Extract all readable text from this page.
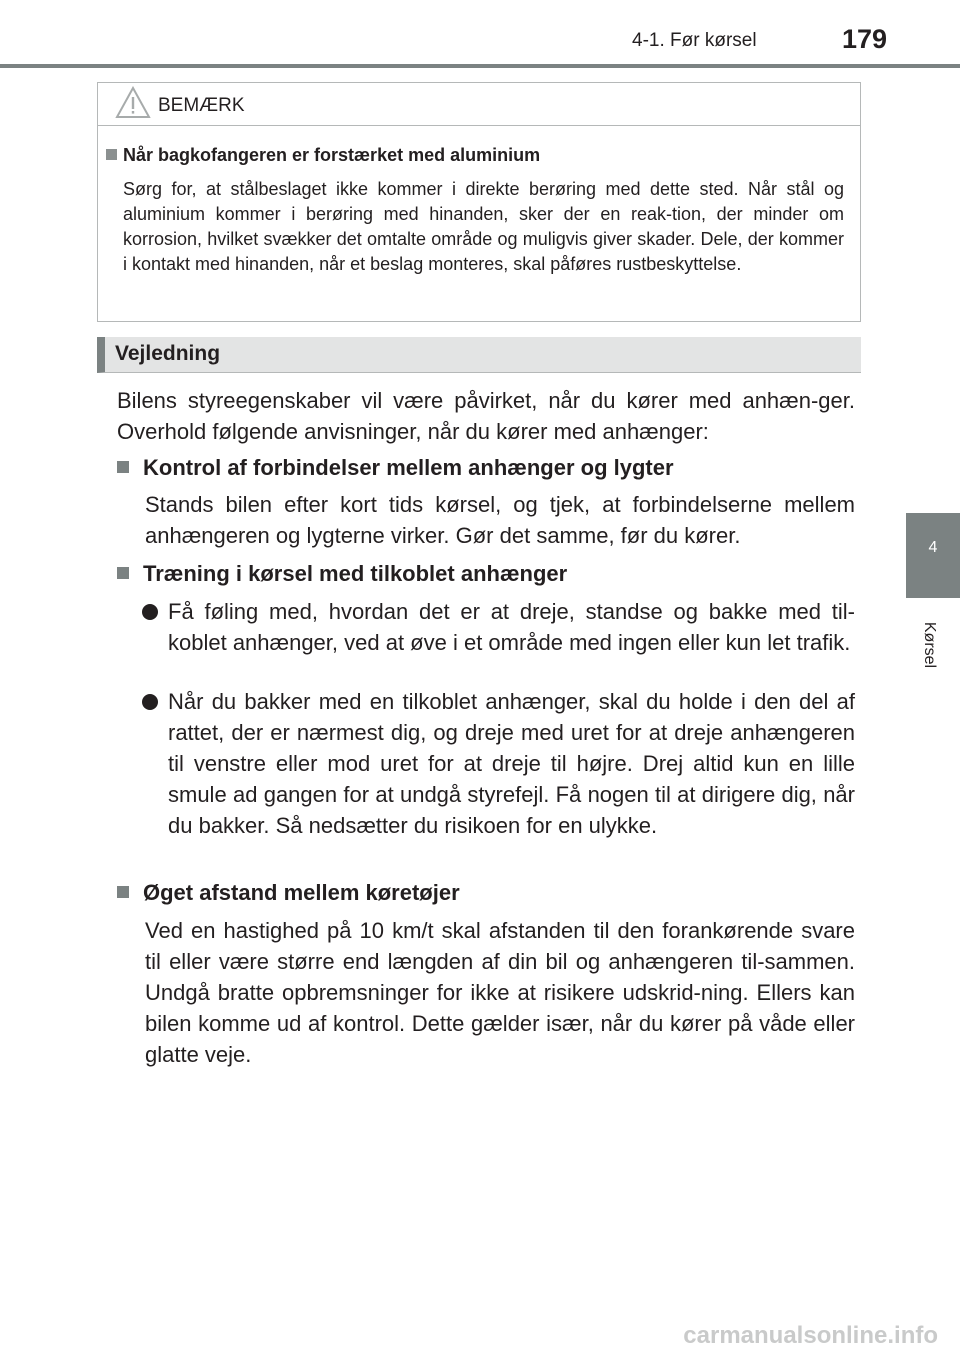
4-1. Før kørsel	179
4
Kørsel
BEMÆRK
Når bagkofangeren er forstærket med aluminium
Sørg for, at stålbeslaget ikke kommer i direkte berøring med dette sted. Når stål og aluminium kommer i berøring med hinanden, sker der en reak-tion, der minder om korrosion, hvilket svækker det omtalte område og muligvis giver skader. Dele, der kommer i kontakt med hinanden, når et beslag monteres, skal påføres rustbeskyttelse.
Vejledning
Bilens styreegenskaber vil være påvirket, når du kører med anhæn-ger. Overhold følgende anvisninger, når du kører med anhænger:
Kontrol af forbindelser mellem anhænger og lygter
Stands bilen efter kort tids kørsel, og tjek, at forbindelserne mellem anhængeren og lygterne virker. Gør det samme, før du kører.
Træning i kørsel med tilkoblet anhænger
Få føling med, hvordan det er at dreje, standse og bakke med til-koblet anhænger, ved at øve i et område med ingen eller kun let trafik.
Når du bakker med en tilkoblet anhænger, skal du holde i den del af rattet, der er nærmest dig, og dreje med uret for at dreje anhængeren til venstre eller mod uret for at dreje til højre. Drej altid kun en lille smule ad gangen for at undgå styrefejl. Få nogen til at dirigere dig, når du bakker. Så nedsætter du risikoen for en ulykke.
Øget afstand mellem køretøjer
Ved en hastighed på 10 km/t skal afstanden til den forankørende svare til eller være større end længden af din bil og anhængeren til-sammen. Undgå bratte opbremsninger for ikke at risikere udskrid-ning. Ellers kan bilen komme ud af kontrol. Dette gælder især, når du kører på våde eller glatte veje.
carmanualsonline.info
